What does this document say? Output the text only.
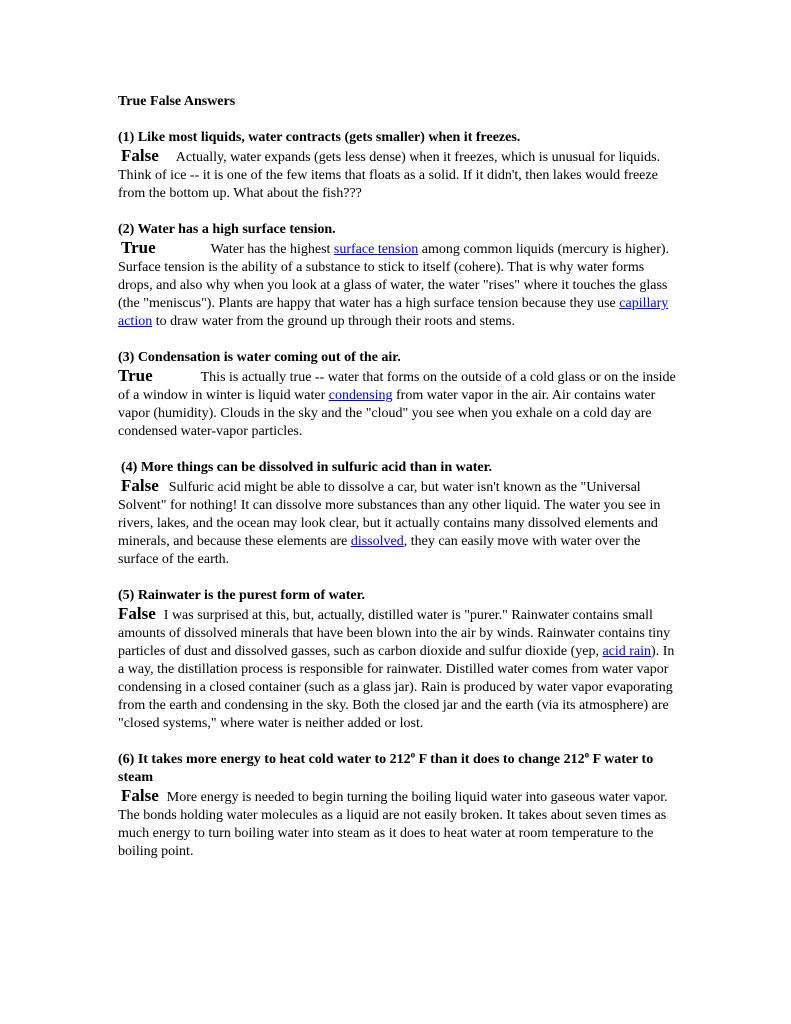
True False Answers

(1) Like most liquids, water contracts (gets smaller) when it freezes.

False Actually, water expands (gets less dense) when it freezes, which is unusual for liquids. Think of ice -- it is one of the few items that floats as a solid. If it didn't, then lakes would freeze from the bottom up. What about the fish???

(2) Water has a high surface tension.

True	Water has the highest surface tension among common liquids (mercury is higher). Surface tension is the ability of a substance to stick to itself (cohere). That is why water forms drops, and also why when you look at a glass of water, the water "rises" where it touches the glass (the "meniscus"). Plants are happy that water has a high surface tension because they use capillary action to draw water from the ground up through their roots and stems.

(3) Condensation is water coming out of the air.

True	This is actually true -- water that forms on the outside of a cold glass or on the inside of a window in winter is liquid water condensing from water vapor in the air. Air contains water vapor (humidity). Clouds in the sky and the "cloud" you see when you exhale on a cold day are condensed water-vapor particles.

(4) More things can be dissolved in sulfuric acid than in water.

False Sulfuric acid might be able to dissolve a car, but water isn't known as the "Universal Solvent" for nothing! It can dissolve more substances than any other liquid. The water you see in rivers, lakes, and the ocean may look clear, but it actually contains many dissolved elements and minerals, and because these elements are dissolved, they can easily move with water over the surface of the earth.

(5) Rainwater is the purest form of water.

False I was surprised at this, but, actually, distilled water is "purer." Rainwater contains small amounts of dissolved minerals that have been blown into the air by winds. Rainwater contains tiny particles of dust and dissolved gasses, such as carbon dioxide and sulfur dioxide (yep, acid rain). In a way, the distillation process is responsible for rainwater. Distilled water comes from water vapor condensing in a closed container (such as a glass jar). Rain is produced by water vapor evaporating from the earth and condensing in the sky. Both the closed jar and the earth (via its atmosphere) are "closed systems," where water is neither added or lost.

(6) It takes more energy to heat cold water to 212$^o$ F than it does to change 212$^o$ F water to steam

False More energy is needed to begin turning the boiling liquid water into gaseous water vapor. The bonds holding water molecules as a liquid are not easily broken. It takes about seven times as much energy to turn boiling water into steam as it does to heat water at room temperature to the boiling point.
